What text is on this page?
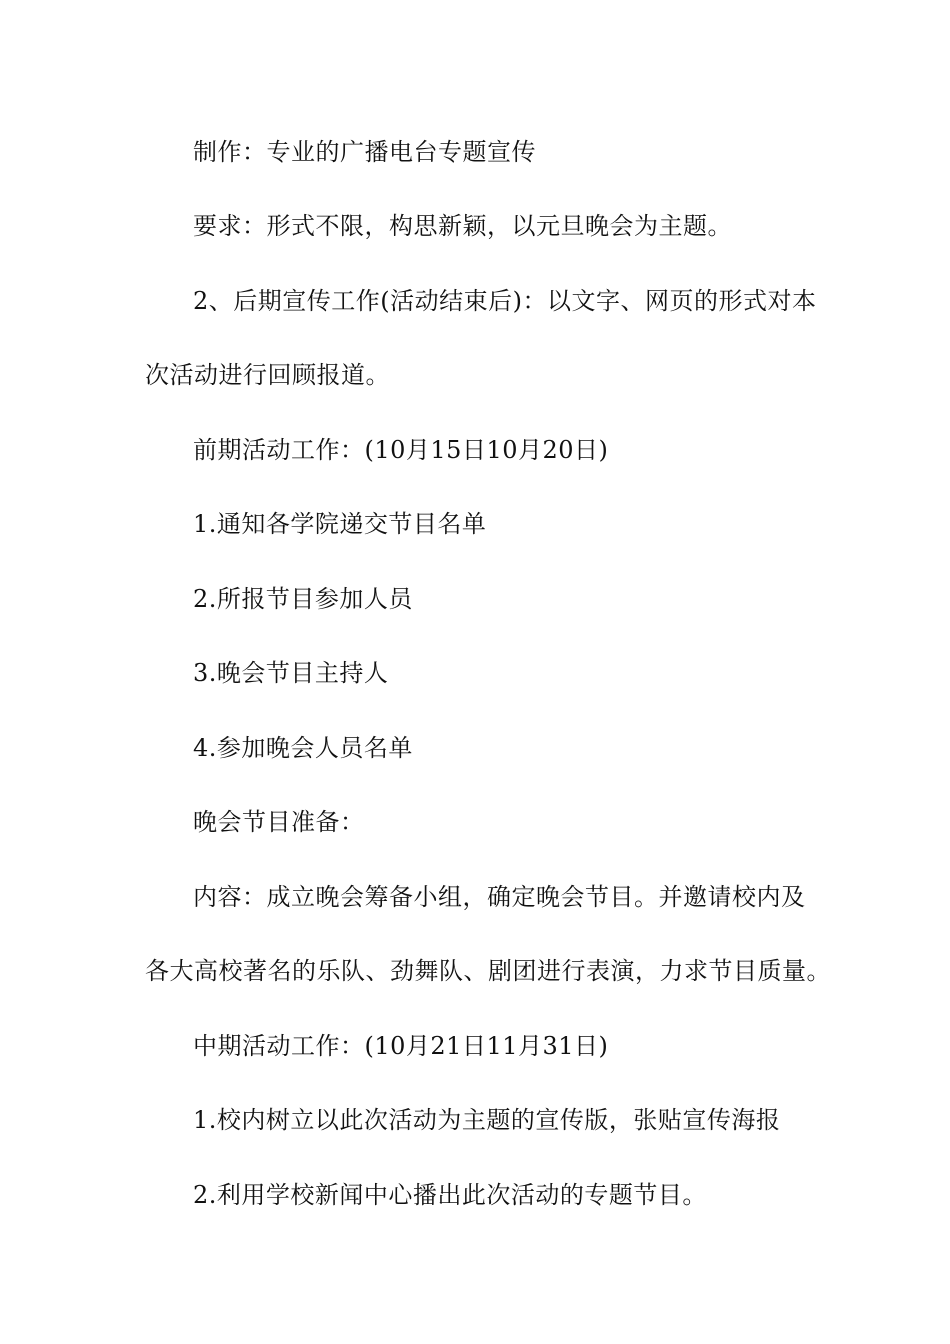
制作：专业的广播电台专题宣传

要求：形式不限，构思新颖，以元旦晚会为主题。

2、后期宣传工作(活动结束后)：以文字、网页的形式对本

次活动进行回顾报道。

前期活动工作：(10月15日10月20日)

1.通知各学院递交节目名单

2.所报节目参加人员

3.晚会节目主持人

4.参加晚会人员名单

晚会节目准备：

内容：成立晚会筹备小组，确定晚会节目。并邀请校内及

各大高校著名的乐队、劲舞队、剧团进行表演，力求节目质量。

中期活动工作：(10月21日11月31日)

1.校内树立以此次活动为主题的宣传版，张贴宣传海报

2.利用学校新闻中心播出此次活动的专题节目。
